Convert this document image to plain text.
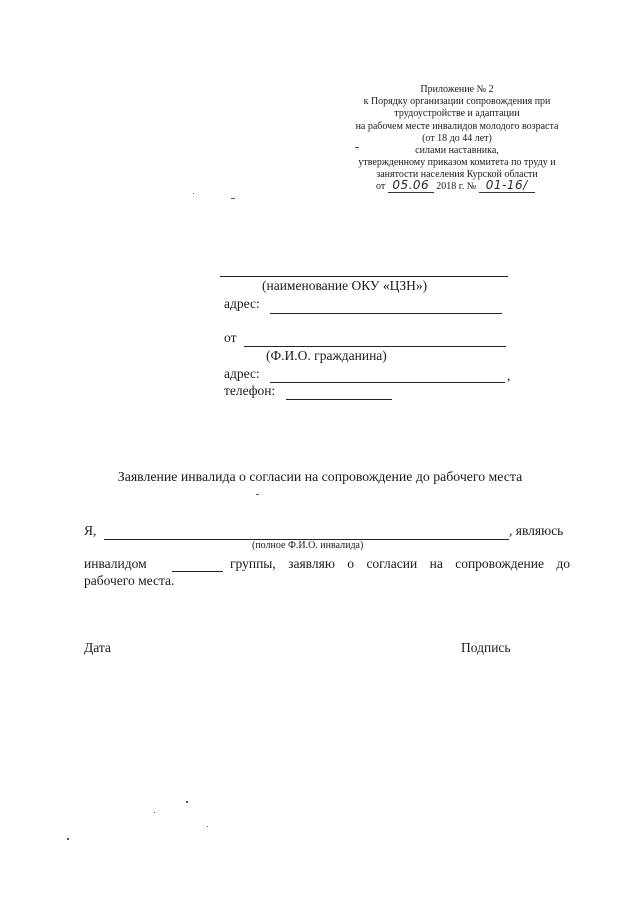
Приложение № 2
к Порядку организации сопровождения при
трудоустройстве и адаптации
на рабочем месте инвалидов молодого возраста
(от 18 до 44 лет)
силами наставника,
утвержденному приказом комитета по труду и
занятости населения Курской области
от 05.06 2018 г. № 01-16/
(наименование ОКУ «ЦЗН»)
адрес:
от
(Ф.И.О. гражданина)
адрес:	,
телефон:
Заявление инвалида о согласии на сопровождение до рабочего места
Я,	, являюсь
(полное Ф.И.О. инвалида)
инвалидом	группы, заявляю о согласии на сопровождение до
рабочего места.
Дата	Подпись
